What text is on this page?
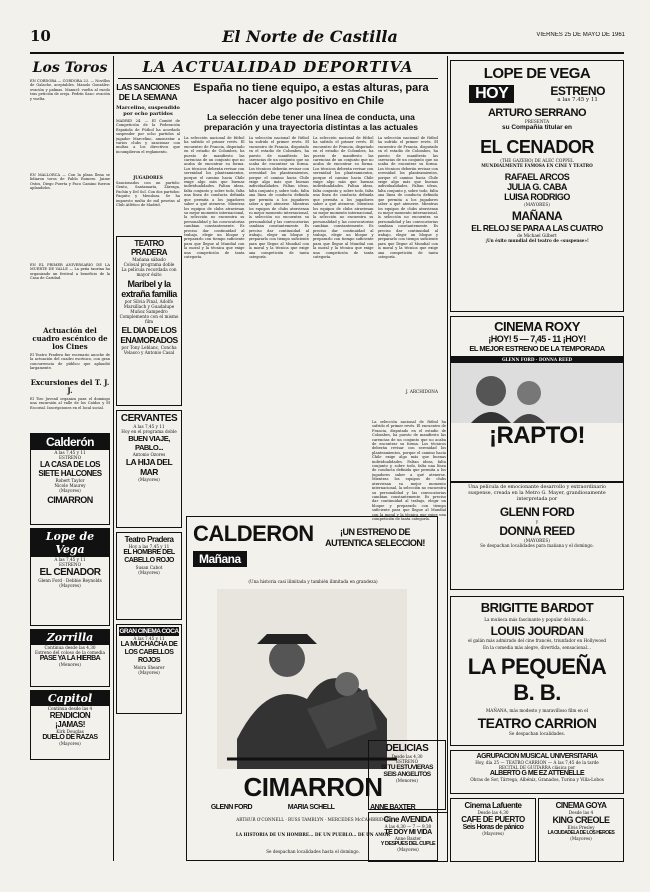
10	El Norte de Castilla	VIERNES 25 DE MAYO DE 1961
Los Toros
EN CORDOBA — CORDOBA 23. — Novillos de Galache, aceptables. Manolo González: ovación y palmas. Manuel: vuelta al ruedo tras petición de oreja. Pedrín Sazo: ovación y vuelta.
EN MALLORCA — Con la plaza llena se lidiaron toros de Pablo Romero. Jaime Ostos, Diego Puerta y Paco Camino fueron aplaudidos.
EN EL PRIMER ANIVERSARIO DE LA MUERTE DE VALLE — La peña taurina ha organizado un festival a beneficio de la Casa de Caridad.
Actuación del cuadro escénico de los Cines
El Teatro Pradera fue escenario anoche de la actuación del cuadro escénico, con gran concurrencia de público que aplaudió largamente.
Excursiones del T. J. J.
El Tiro Juvenil organiza para el domingo una excursión al valle de los Caídos y El Escorial. Inscripciones en el local social.
Calderón
A las 7,45 y 11
ESTRENO
LA CASA DE LOS SIETE HALCONES
Robert Taylor
Nicole Maurey
(Mayores)
CIMARRON
Lope de Vega
A las 7,45 y 11
ESTRENO
EL CENADOR
Glenn Ford · Debbie Reynolds
(Mayores)
Zorrilla
Continua desde las 4,30
Estreno del coloso de la comedia
PASE YA LA HIERBA
(Menores)
Capitol
Continua desde las 4
RENDICION
¡JAMAS!
Kirk Douglas
DUELO DE RAZAS
(Mayores)
LA ACTUALIDAD DEPORTIVA
LAS SANCIONES DE LA SEMANA
Marcelino, suspendido por ocho partidos
MADRID 24. — El Comité de Competición de la Federación Española de Fútbol ha acordado suspender por ocho partidos al jugador Marcelino, amonestar a varios clubs y sancionar con multas a los directivos que incumplieron el reglamento.
JUGADORES
Sancionados con un partido: Gento, Santamaría, Zárraga, Pachín y Del Sol. Con dos partidos: Paquito y Mendoza. Se ha impuesto multa de mil pesetas al Club Atlético de Madrid.
España no tiene equipo, a estas alturas, para hacer algo positivo en Chile
La selección debe tener una línea de conducta, una preparación y una trayectoria distintas a las actuales
La selección nacional de fútbol ha sufrido el primer revés. El encuentro de Francia, disputado en el estadio de Colombes, ha puesto de manifiesto las carencias de un conjunto que no acaba de encontrar su forma. Los técnicos deberán revisar con serenidad los planteamientos, porque el camino hacia Chile exige algo más que buenas individualidades. Faltan ideas, falta conjunto y, sobre todo, falta una línea de conducta definida que permita a los jugadores saber a qué atenerse. Mientras los equipos de clubs atraviesan su mejor momento internacional, la selección no encuentra su personalidad y las convocatorias cambian constantemente. Es preciso dar continuidad al trabajo, elegir un bloque y prepararlo con tiempo suficiente para que llegue al Mundial con la moral y la técnica que exige una competición de tanta categoría.
La selección nacional de fútbol ha sufrido el primer revés. El encuentro de Francia, disputado en el estadio de Colombes, ha puesto de manifiesto las carencias de un conjunto que no acaba de encontrar su forma. Los técnicos deberán revisar con serenidad los planteamientos, porque el camino hacia Chile exige algo más que buenas individualidades. Faltan ideas, falta conjunto y, sobre todo, falta una línea de conducta definida que permita a los jugadores saber a qué atenerse. Mientras los equipos de clubs atraviesan su mejor momento internacional, la selección no encuentra su personalidad y las convocatorias cambian constantemente. Es preciso dar continuidad al trabajo, elegir un bloque y prepararlo con tiempo suficiente para que llegue al Mundial con la moral y la técnica que exige una competición de tanta categoría.
La selección nacional de fútbol ha sufrido el primer revés. El encuentro de Francia, disputado en el estadio de Colombes, ha puesto de manifiesto las carencias de un conjunto que no acaba de encontrar su forma. Los técnicos deberán revisar con serenidad los planteamientos, porque el camino hacia Chile exige algo más que buenas individualidades. Faltan ideas, falta conjunto y, sobre todo, falta una línea de conducta definida que permita a los jugadores saber a qué atenerse. Mientras los equipos de clubs atraviesan su mejor momento internacional, la selección no encuentra su personalidad y las convocatorias cambian constantemente. Es preciso dar continuidad al trabajo, elegir un bloque y prepararlo con tiempo suficiente para que llegue al Mundial con la moral y la técnica que exige una competición de tanta categoría.
La selección nacional de fútbol ha sufrido el primer revés. El encuentro de Francia, disputado en el estadio de Colombes, ha puesto de manifiesto las carencias de un conjunto que no acaba de encontrar su forma. Los técnicos deberán revisar con serenidad los planteamientos, porque el camino hacia Chile exige algo más que buenas individualidades. Faltan ideas, falta conjunto y, sobre todo, falta una línea de conducta definida que permita a los jugadores saber a qué atenerse. Mientras los equipos de clubs atraviesan su mejor momento internacional, la selección no encuentra su personalidad y las convocatorias cambian constantemente. Es preciso dar continuidad al trabajo, elegir un bloque y prepararlo con tiempo suficiente para que llegue al Mundial con la moral y la técnica que exige una competición de tanta categoría.
J. ARCHIDONA
TEATRO PRADERA
Mañana sábado
Colosal programa doble
La película recordada con mayor éxito
Maribel y la extraña familia
por Silvia Pinal, Adolfo Marsillach y Guadalupe
Muñoz Sampedro
Complemento con el mismo film
EL DIA DE LOS ENAMORADOS
por Tony Leblanc, Concha Velasco y Antonio Casal
CERVANTES
A las 7,45 y 11
Hoy en el programa doble
BUEN VIAJE, PABLO...
Antonio Ozores
LA HIJA DEL MAR
(Mayores)
Teatro Pradera
Hoy a las 7,45 y 11
EL HOMBRE DEL CABELLO ROJO
Susan Cabot
(Mayores)
GRAN CINEMA COCA
A las 7,45 y 11
LA MUCHACHA DE LOS CABELLOS ROJOS
Moira Shearer
(Mayores)
CALDERON
Mañana
¡UN ESTRENO DE AUTENTICA SELECCION!
(Una historia casi ilimitada y también ilimitada en grandeza)
CIMARRON
GLENN FORD	MARIA SCHELL	ANNE BAXTER
ARTHUR O'CONNELL · RUSS TAMBLYN · MERCEDES McCAMBRIDGE
LA HISTORIA DE UN HOMBRE... DE UN PUEBLO... DE UN AMOR
Se despachan localidades hasta el domingo.
DELICIAS
Desde las 4,30
ESTRENO
SI TU ESTUVIERAS
SEIS ANGELITOS
(Menores)
LOPE DE VEGA
HOY	ESTRENO
a las 7.45 y 11
ARTURO SERRANO
PRESENTA
su Compañía titular en
EL CENADOR
(THE GAZEBO) DE ALEC COPPEL
MUNDIALMENTE FAMOSA EN CINE Y TEATRO
RAFAEL ARCOS
JULIA G. CABA
LUISA RODRIGO
(MAYORES)
MAÑANA
EL RELOJ SE PARA A LAS CUATRO
de Michael Gilbert
¡Un éxito mundial del teatro de «suspense»!
CINEMA ROXY
¡HOY! 5 — 7,45 - 11 ¡HOY!
EL MEJOR ESTRENO DE LA TEMPORADA
GLENN FORD · DONNA REED
¡RAPTO!
Una película de emocionante desarrollo y extraordinario suspense, creada en la Metro G. Mayer, grandiosamente interpretada por
GLENN FORD
y
DONNA REED
(MAYORES)
Se despachan localidades para mañana y el domingo.
BRIGITTE BARDOT
La muñeca más fascinante y popular del mundo...
LOUIS JOURDAN
el galán más admirado del cine francés, triunfador en Hollywood
En la comedia más alegre, divertida, sensacional...
LA PEQUEÑA B. B.
MAÑANA, más modesto y maravilloso film en el
TEATRO CARRION
Se despachan localidades.
AGRUPACION MUSICAL UNIVERSITARIA
Hoy, día 25 — TEATRO CARRION — A las 7,45 de la tarde
RECITAL DE GUITARRA clásica por
ALBERTO G ME EZ ATTENELLE
Obras de Sor, Tárrega, Albéniz, Granados, Turina y Villa-Lobos
Cine AVENIDA
A las 4,30 — 7 — 9,30
TE DOY MI VIDA
Anne Baxter
Y DESPUES DEL CUPLE
(Mayores)
Cinema Lafuente
Desde las 4,30
CAFE DE PUERTO
Seis Horas de pánico
(Mayores)
CINEMA GOYA
Desde las 4
KING CREOLE
Elvis Presley
LA CIUDADELA DE LOS HEROES
(Mayores)
La selección nacional de fútbol ha sufrido el primer revés. El encuentro de Francia, disputado en el estadio de Colombes, ha puesto de manifiesto las carencias de un conjunto que no acaba de encontrar su forma. Los técnicos deberán revisar con serenidad los planteamientos, porque el camino hacia Chile exige algo más que buenas individualidades. Faltan ideas, falta conjunto y, sobre todo, falta una línea de conducta definida que permita a los jugadores saber a qué atenerse. Mientras los equipos de clubs atraviesan su mejor momento internacional, la selección no encuentra su personalidad y las convocatorias cambian constantemente. Es preciso dar continuidad al trabajo, elegir un bloque y prepararlo con tiempo suficiente para que llegue al Mundial con la moral y la técnica que exige una competición de tanta categoría.
